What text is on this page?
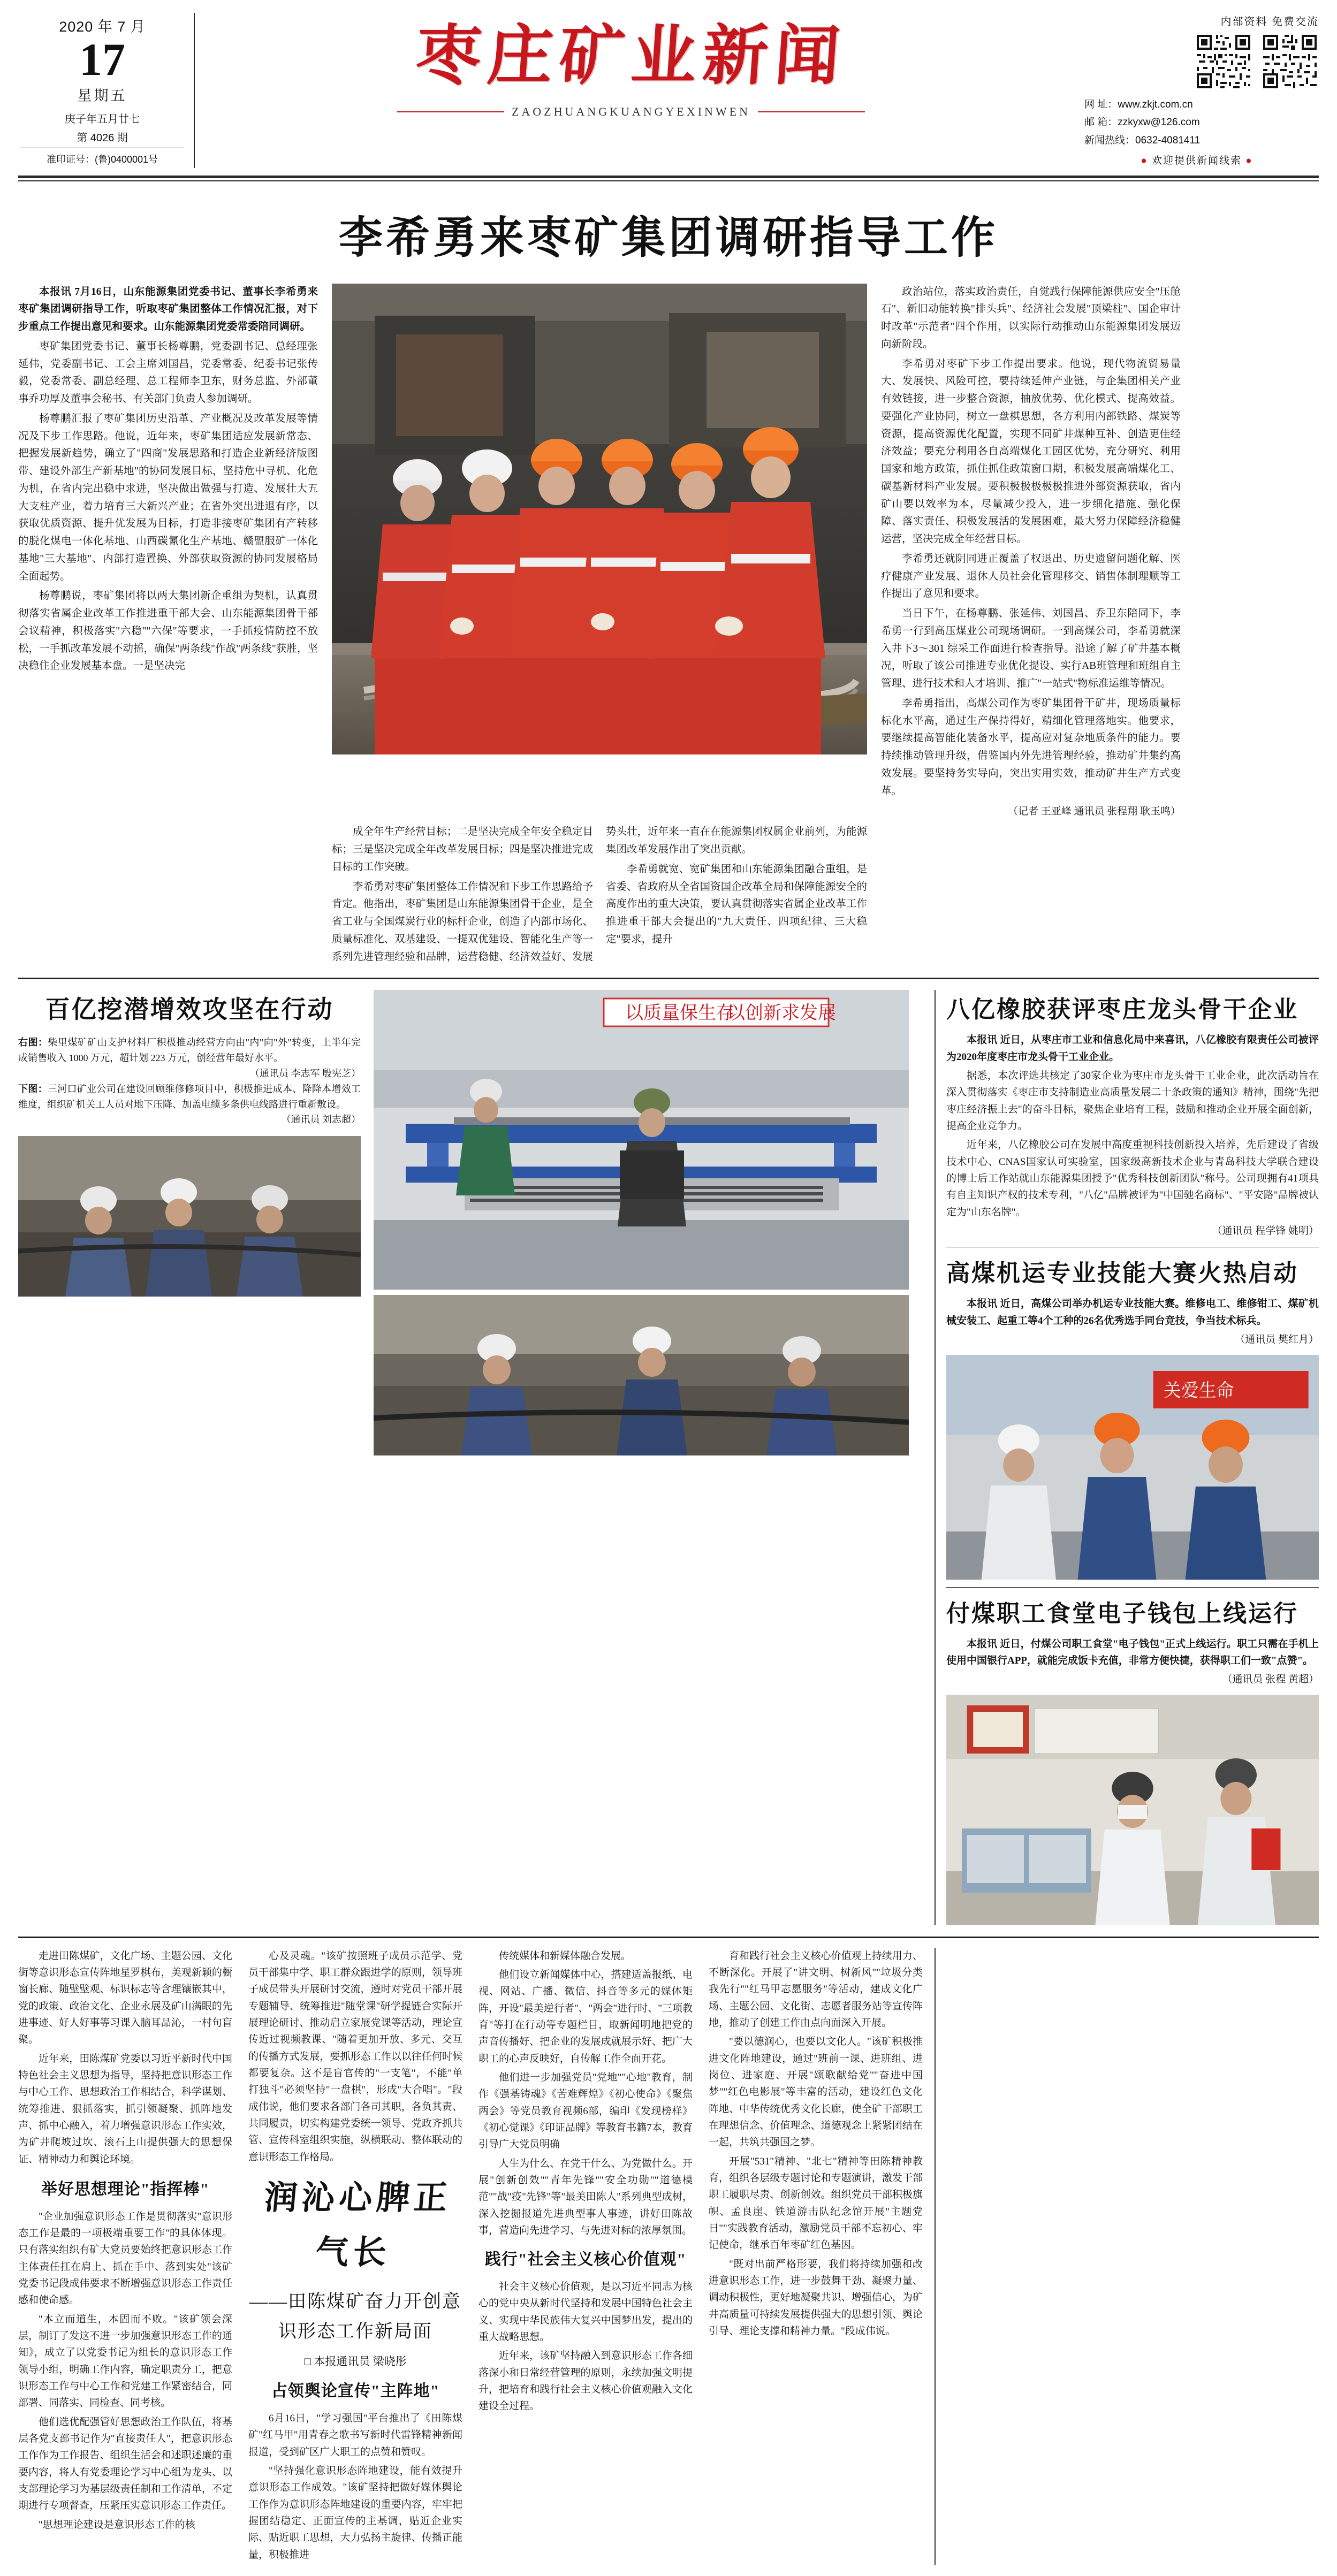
2020 年 7 月
17
星期五
庚子年五月廿七
第 4026 期
准印证号：(鲁)0400001号
枣庄矿业新闻
ZAOZHUANGKUANGYEXINWEN
内部资料 免费交流
网 址：www.zkjt.com.cn
邮 箱：zzkyxw@126.com
新闻热线：0632-4081411
● 欢迎提供新闻线索 ●
李希勇来枣矿集团调研指导工作

本报讯 7月16日，山东能源集团党委书记、董事长李希勇来枣矿集团调研指导工作，听取枣矿集团整体工作情况汇报，对下步重点工作提出意见和要求。山东能源集团党委常委陪同调研。

枣矿集团党委书记、董事长杨尊鹏，党委副书记、总经理张延伟，党委副书记、工会主席刘国昌，党委常委、纪委书记张传毅，党委常委、副总经理、总工程师李卫东，财务总监、外部董事乔功厚及董事会秘书、有关部门负责人参加调研。

杨尊鹏汇报了枣矿集团历史沿革、产业概况及改革发展等情况及下步工作思路。他说，近年来，枣矿集团适应发展新常态、把握发展新趋势，确立了"四商"发展思路和打造企业新经济版图带、建设外部生产新基地"的协同发展目标，坚持危中寻机、化危为机，在省内完出稳中求进，坚决做出做强与打造、发展壮大五大支柱产业，着力培育三大新兴产业；在省外突出进退有序，以获取优质资源、提升优发展为目标，打造非接枣矿集团有产转移的脱化煤电一体化基地、山西碳氰化生产基地、赣盟服矿一体化基地"三大基地"、内部打造置换、外部获取资源的协同发展格局全面起势。

杨尊鹏说，枣矿集团将以两大集团新企重组为契机，认真贯彻落实省属企业改革工作推进重干部大会、山东能源集团骨干部会议精神，积极落实"六稳""六保"等要求，一手抓疫情防控不放松，一手抓改革发展不动摇，确保"两条线"作战"两条线"获胜，坚决稳住企业发展基本盘。一是坚决完

政治站位，落实政治责任，自觉践行保障能源供应安全"压舱石"、新旧动能转换"排头兵"、经济社会发展"顶梁柱"、国企审计时改革"示范者"四个作用，以实际行动推动山东能源集团发展迈向新阶段。

李希勇对枣矿下步工作提出要求。他说，现代物流贸易量大、发展快、风险可控，要持续延伸产业链，与企集团相关产业有效链接，进一步整合资源，抽放优势、优化模式、提高效益。要强化产业协同，树立一盘棋思想，各方利用内部铁路、煤炭等资源，提高资源优化配置，实现不同矿井煤种互补、创造更佳经济效益；要充分利用各自高端煤化工园区优势，充分研究、利用国家和地方政策，抓住抓住政策窗口期，积极发展高端煤化工、碳基新材料产业发展。要积极极极极极推进外部资源获取，省内矿山要以效率为本，尽量减少投入，进一步细化措施、强化保障、落实责任、积极发展活的发展困难，最大努力保障经济稳健运营，坚决完成全年经营目标。

李希勇还就阴同进正覆盖了权退出、历史遗留问题化解、医疗健康产业发展、退休人员社会化管理移交、销售体制理顺等工作提出了意见和要求。

当日下午，在杨尊鹏、张延伟、刘国昌、乔卫东陪同下，李希勇一行到高压煤业公司现场调研。一到高煤公司，李希勇就深入井下3～301 综采工作面进行检查指导。沿途了解了矿井基本概况，听取了该公司推进专业优化提设、实行AB班管理和班组自主管理、进行技术和人才培训、推广"一站式"物标准运维等情况。

李希勇指出，高煤公司作为枣矿集团骨干矿井，现场质量标标化水平高，通过生产保持得好，精细化管理落地实。他要求，要继续提高智能化装备水平，提高应对复杂地质条件的能力。要持续推动管理升级，借鉴国内外先进管理经验，推动矿井集约高效发展。要坚持务实导向，突出实用实效，推动矿井生产方式变革。

（记者 王亚峰 通讯员 张程翔 耿玉鸣）

成全年生产经营目标；二是坚决完成全年安全稳定目标；三是坚决完成全年改革发展目标；四是坚决推进完成目标的工作突破。

李希勇对枣矿集团整体工作情况和下步工作思路给予肯定。他指出，枣矿集团是山东能源集团骨干企业，是全省工业与全国煤炭行业的标杆企业，创造了内部市场化、质量标准化、双基建设、一提双优建设、智能化生产等一系列先进管理经验和品牌，运营稳健、经济效益好、发展势头壮，近年来一直在在能源集团权属企业前列，为能源集团改革发展作出了突出贡献。

李希勇就宽、宽矿集团和山东能源集团融合重组，是省委、省政府从全省国资国企改革全局和保障能源安全的高度作出的重大决策，要认真贯彻落实省属企业改革工作推进重干部大会提出的"九大责任、四项纪律、三大稳定"要求，提升

百亿挖潜增效攻坚在行动
右图：柴里煤矿矿山支护材料厂积极推动经营方向由"内"向"外"转变，上半年完成销售收入 1000 万元，超计划 223 万元，创经营年最好水平。
（通讯员 李志军 殷宪芝）
下图：三河口矿业公司在建设回顾维修修项目中，积极推进成本、降降本增效工维度，组织矿机关工人员对地下压降、加盖电缆多条供电线路进行重新敷设。
（通讯员 刘志超）
以质量保生存
以创新求发展	八亿橡胶获评枣庄龙头骨干企业

本报讯 近日，从枣庄市工业和信息化局中来喜讯，八亿橡胶有限责任公司被评为2020年度枣庄市龙头骨干工业企业。

据悉，本次评选共核定了30家企业为枣庄市龙头骨干工业企业，此次活动旨在深入贯彻落实《枣庄市支持制造业高质量发展二十条政策的通知》精神，围绕"先把枣庄经济振上去"的奋斗目标，聚焦企业培育工程，鼓励和推动企业开展全面创新，提高企业竞争力。

近年来，八亿橡胶公司在发展中高度重视科技创新投入培养，先后建设了省级技术中心、CNAS国家认可实验室，国家级高新技术企业与青岛科技大学联合建设的博士后工作站就山东能源集团授予"优秀科技创新团队"称号。公司现拥有41项具有自主知识产权的技术专利，"八亿"品牌被评为"中国驰名商标"、"平安路"品牌被认定为"山东名牌"。

（通讯员 程学锋 姚明）

高煤机运专业技能大赛火热启动

本报讯 近日，高煤公司举办机运专业技能大赛。维修电工、维修钳工、煤矿机械安装工、起重工等4个工种的26名优秀选手同台竞技，争当技术标兵。

（通讯员 樊红月）

关爱生命
付煤职工食堂电子钱包上线运行

本报讯 近日，付煤公司职工食堂"电子钱包"正式上线运行。职工只需在手机上使用中国银行APP，就能完成饭卡充值，非常方便快捷，获得职工们一致"点赞"。

（通讯员 张程 黄超）

走进田陈煤矿，文化广场、主题公园、文化街等意识形态宣传阵地星罗棋布，美观新颖的橱窗长廊、随壁壁观、标识标志等含理镶嵌其中，党的政策、政治文化、企业永展及矿山满眼的先进事迹、好人好事等习课入脑耳品沁，一村句盲聚。

近年来，田陈煤矿党委以习近平新时代中国特色社会主义思想为指导，坚持把意识形态工作与中心工作、思想政治工作相结合，科学谋划、统筹推进、狠抓落实，抓引领凝聚、抓阵地发声、抓中心融入，着力增强意识形态工作实效，为矿井爬坡过坎、滚石上山提供强大的思想保证、精神动力和舆论环境。

举好思想理论"指挥棒"

"企业加强意识形态工作是贯彻落实"意识形态工作是最的一项极端重要工作"的具体体现。只有落实组织有矿大党员要始终把意识形态工作主体责任扛在肩上、抓在手中、落到实处"该矿党委书记段成伟要求不断增强意识形态工作责任感和使命感。

"本立而道生，本固而不败。"该矿领会深层，制订了发这不进一步加强意识形态工作的通知》，成立了以党委书记为组长的意识形态工作领导小组，明确工作内容，确定职责分工，把意识形态工作与中心工作和党建工作紧密结合，同部署、同落实、同检查、同考核。

他们选优配强管好思想政治工作队伍，将基层各党支部书记作为"直接责任人"，把意识形态工作作为工作报告、组织生活会和述职述廉的重要内容，将人有党委理论学习中心组为龙头、以支部理论学习为基层级责任制和工作清单，不定期进行专项督查，压紧压实意识形态工作责任。

"思想理论建设是意识形态工作的核

心及灵魂。"该矿按照班子成员示范学、党员干部集中学、职工群众跟进学的原则，领导班子成员带头开展研讨交流，遵时对党员干部开展专题辅导、统筹推进"随堂课"研学提链合实际开展理论研讨、推动启立家展党课等活动，理论宣传近过视频教课、"随着更加开放、多元、交互的传播方式发展，要抓形态工作以以往任何时候都要复杂。这不是盲官传的"一支笔"，不能"单打独斗"必须坚持"一盘棋"，形成"大合唱"。"段成伟说，他们要求各部门各司其职，各负其责、共同履责，切实构建党委统一领导、党政齐抓共管、宣传科室组织实施，纵横联动、整体联动的意识形态工作格局。

润沁心脾正气长
——田陈煤矿奋力开创意识形态工作新局面
□ 本报通讯员 梁晓彤
占领舆论宣传"主阵地"

6月16日，"学习强国"平台推出了《田陈煤矿"红马甲"用青春之歌书写新时代雷锋精神新闻报道，受到矿区广大职工的点赞和赞叹。

"坚持强化意识形态阵地建设，能有效提升意识形态工作成效。"该矿坚持把做好媒体舆论工作作为意识形态阵地建设的重要内容，牢牢把握团结稳定、正面宣传的主基调，贴近企业实际、贴近职工思想，大力弘扬主旋律、传播正能量，积极推进

传统媒体和新媒体融合发展。

他们设立新闻媒体中心，搭建适盖报纸、电视、网站、广播、微信、抖音等多元的媒体矩阵，开设"最美逆行者"、"两会"进行时、"三项教育"等打在行动等专题栏目，取新闻明地把党的声音传播好、把企业的发展成就展示好、把广大职工的心声反映好，自传解工作全面开花。

他们进一步加强党员"党地""心地"教育，制作《强基铸魂》《苦难辉煌》《初心使命》《聚焦两会》等党员教育视频6部，编印《发现榜样》《初心觉课》《印证品牌》等教育书籍7本，教育引导广大党员明确

人生为什么、在党干什么、为党做什么。开展"创新创效""青年先锋""安全功勋""道德模范""战"疫"先锋"等"最美田陈人"系列典型成树，深入挖掘报道先进典型事人事迹，讲好田陈故事，营造向先进学习、与先进对标的浓厚氛围。

践行"社会主义核心价值观"

社会主义核心价值观，是以习近平同志为核心的党中央从新时代坚持和发展中国特色社会主义、实现中华民族伟大复兴中国梦出发，提出的重大战略思想。

近年来，该矿坚持融入到意识形态工作各细落深小和日常经营管理的原则，永续加强文明提升，把培育和践行社会主义核心价值观融入文化建设全过程。

育和践行社会主义核心价值观上持续用力、不断深化。开展了"讲文明、树新风""垃圾分类我先行""红马甲志愿服务"等活动，建成文化广场、主题公园、文化街、志愿者服务站等宣传阵地，推动了创建工作由点向面深入开展。

"要以德润心，也要以文化人。"该矿积极推进文化阵地建设，通过"班前一课、进班组、进岗位、进家庭、开展"颂歌献给党""奋进中国梦""红色电影展"等丰富的活动，建设红色文化阵地、中华传统优秀文化长廊，使全矿干部职工在理想信念、价值理念、道德观念上紧紧团结在一起，共筑共强国之梦。

开展"531"精神、"北七"精神等田陈精神教育，组织各层级专题讨论和专题演讲，激发干部职工履职尽责、创新创效。组织党员干部积极旗帜、孟良崖、铁道游击队纪念馆开展"主题党日""实践教育活动，激励党员干部不忘初心、牢记使命，继承百年枣矿红色基因。

"既对出前严格形要，我们将持续加强和改进意识形态工作，进一步鼓舞干劲、凝聚力量、调动积极性，更好地凝聚共识、增强信心，为矿井高质量可持续发展提供强大的思想引领、舆论引导、理论支撑和精神力量。"段成伟说。
